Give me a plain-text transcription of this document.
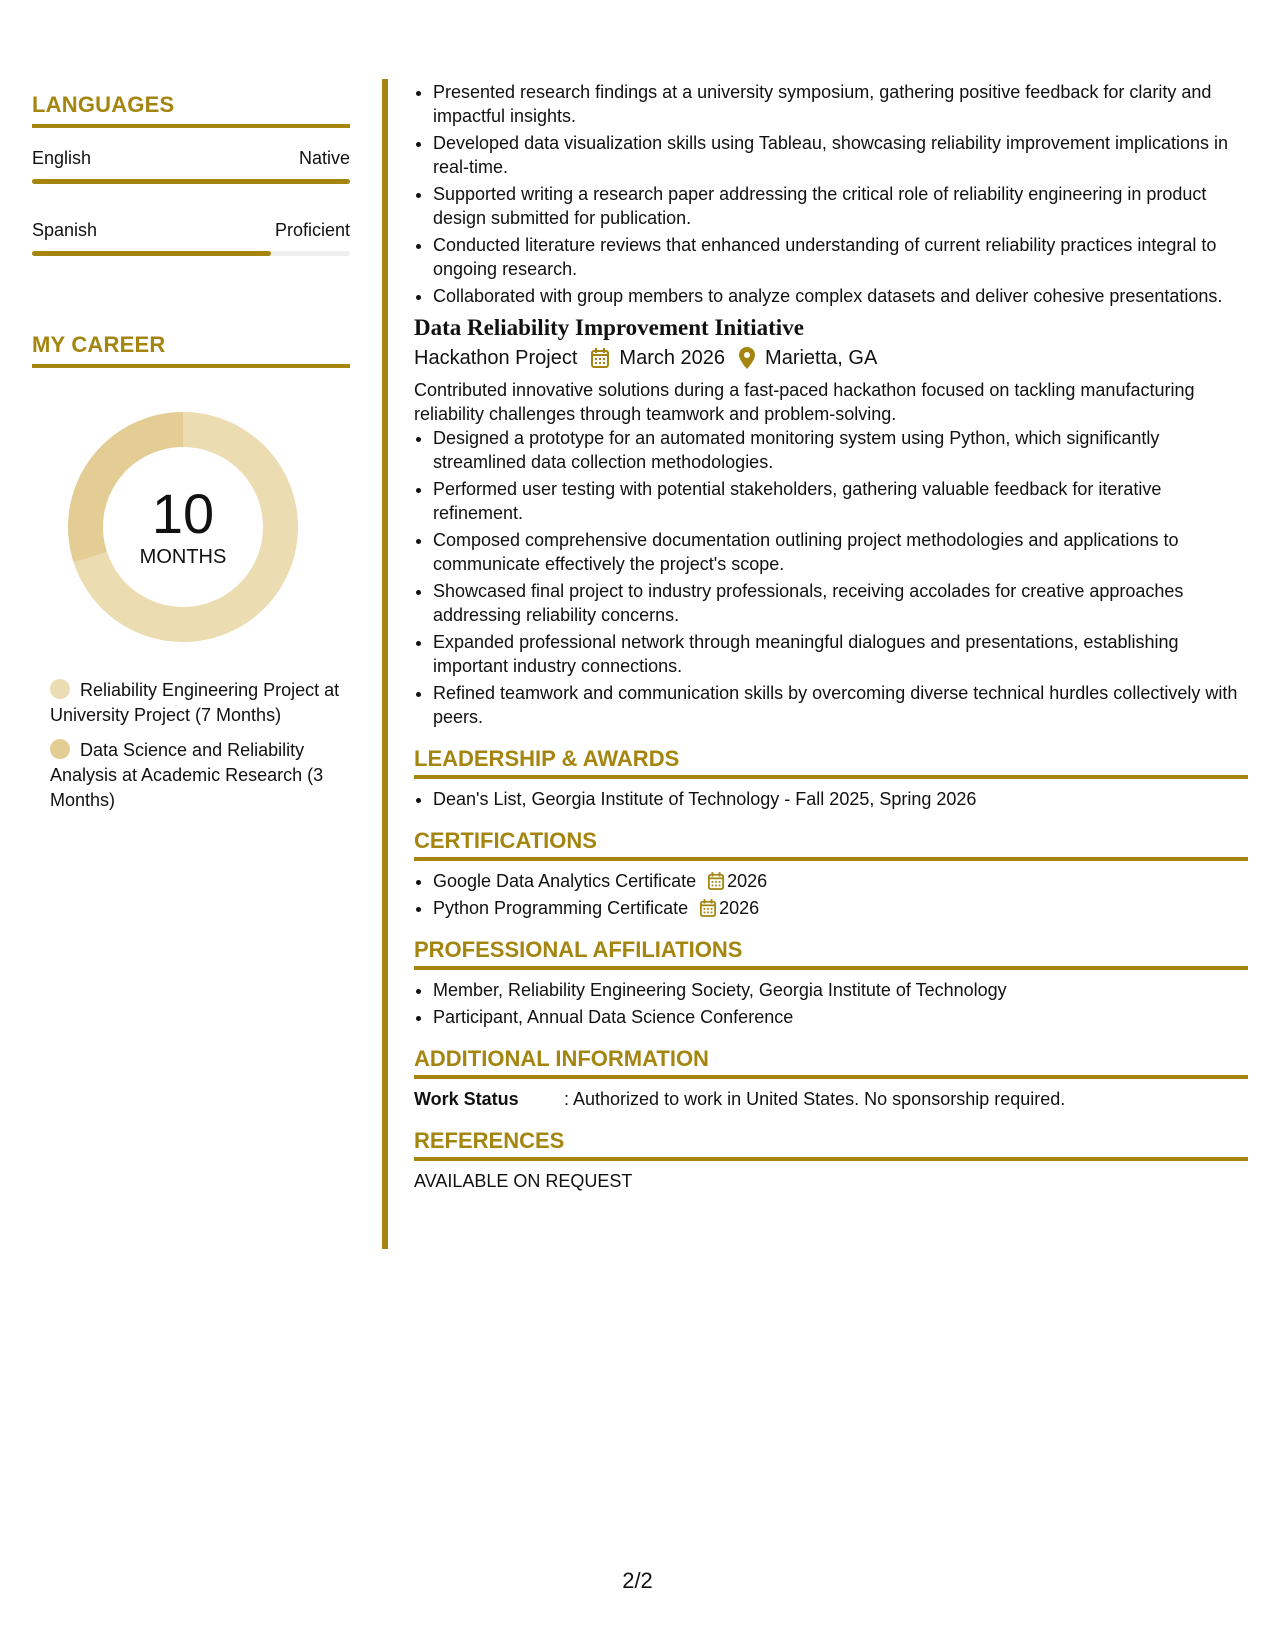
LANGUAGES
English	Native
Spanish	Proficient
MY CAREER
10
MONTHS
Reliability Engineering Project at University Project (7 Months)
Data Science and Reliability Analysis at Academic Research (3 Months)
• Presented research findings at a university symposium, gathering positive feedback for clarity and impactful insights.
• Developed data visualization skills using Tableau, showcasing reliability improvement implications in real-time.
• Supported writing a research paper addressing the critical role of reliability engineering in product design submitted for publication.
• Conducted literature reviews that enhanced understanding of current reliability practices integral to ongoing research.
• Collaborated with group members to analyze complex datasets and deliver cohesive presentations.
Data Reliability Improvement Initiative
Hackathon Project March 2026 Marietta, GA
Contributed innovative solutions during a fast-paced hackathon focused on tackling manufacturing reliability challenges through teamwork and problem-solving.
• Designed a prototype for an automated monitoring system using Python, which significantly streamlined data collection methodologies.
• Performed user testing with potential stakeholders, gathering valuable feedback for iterative refinement.
• Composed comprehensive documentation outlining project methodologies and applications to communicate effectively the project's scope.
• Showcased final project to industry professionals, receiving accolades for creative approaches addressing reliability concerns.
• Expanded professional network through meaningful dialogues and presentations, establishing important industry connections.
• Refined teamwork and communication skills by overcoming diverse technical hurdles collectively with peers.
LEADERSHIP & AWARDS
• Dean's List, Georgia Institute of Technology - Fall 2025, Spring 2026
CERTIFICATIONS
• Google Data Analytics Certificate 2026
• Python Programming Certificate 2026
PROFESSIONAL AFFILIATIONS
• Member, Reliability Engineering Society, Georgia Institute of Technology
• Participant, Annual Data Science Conference
ADDITIONAL INFORMATION
Work Status	: Authorized to work in United States. No sponsorship required.
REFERENCES
AVAILABLE ON REQUEST
2/2
